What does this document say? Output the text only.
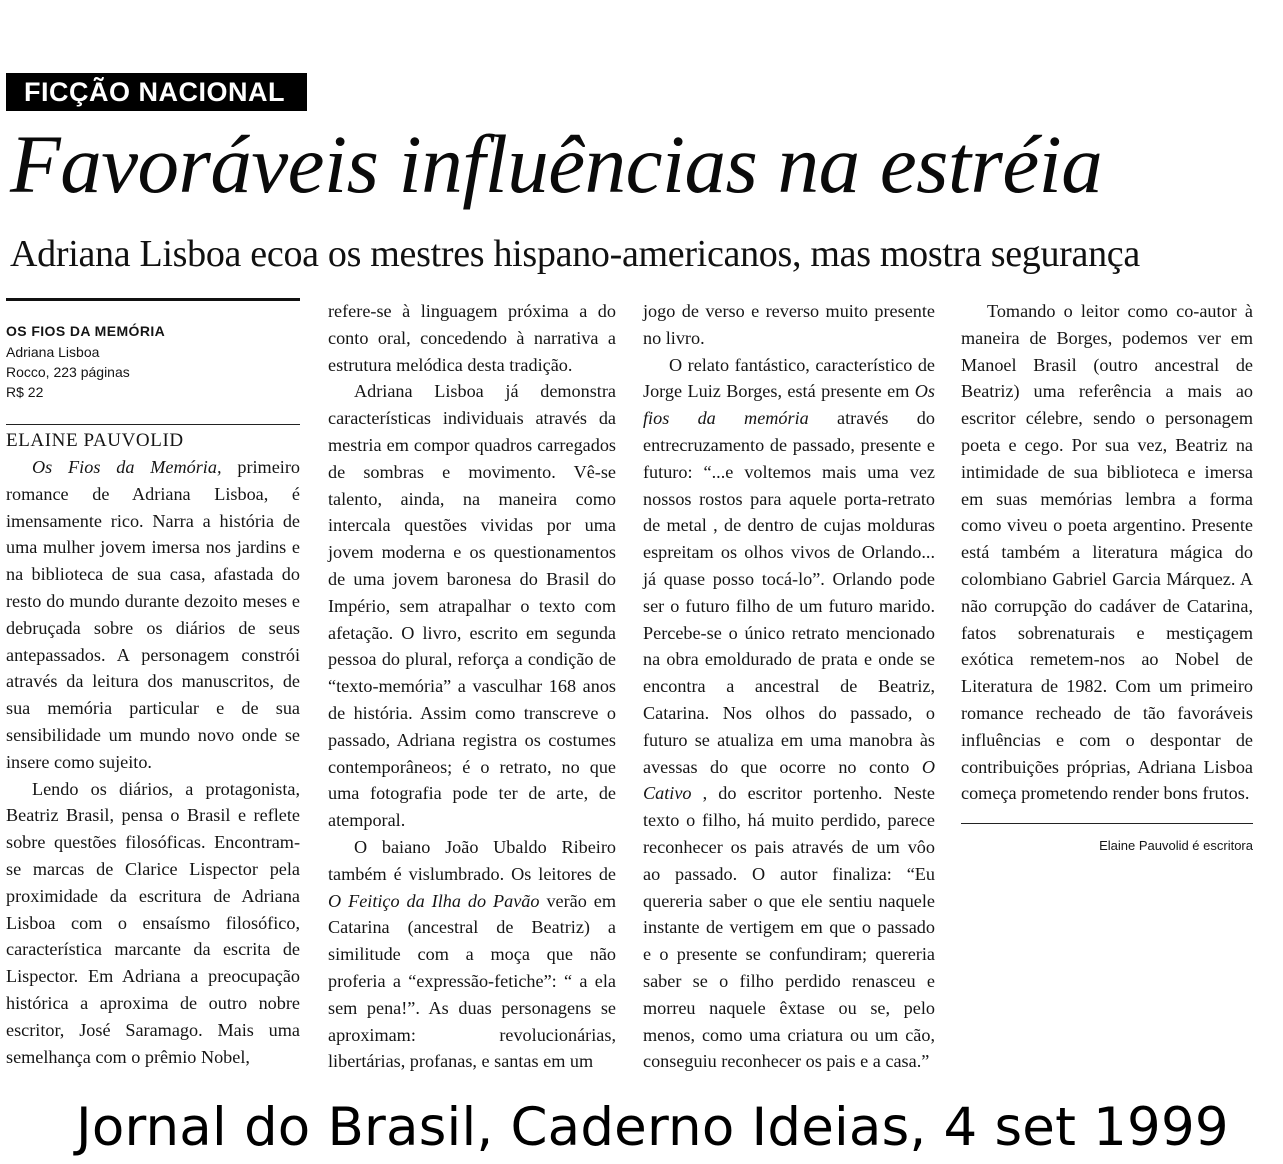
FICÇÃO NACIONAL
Favoráveis influências na estréia
Adriana Lisboa ecoa os mestres hispano-americanos, mas mostra segurança
OS FIOS DA MEMÓRIA
Adriana Lisboa
Rocco, 223 páginas
R$ 22

ELAINE PAUVOLID

Os Fios da Memória, primeiro romance de Adriana Lisboa, é imensamente rico. Narra a história de uma mulher jovem imersa nos jardins e na biblioteca de sua casa, afastada do resto do mundo durante dezoito meses e debruçada sobre os diários de seus antepassados. A personagem constrói através da leitura dos manuscritos, de sua memória particular e de sua sensibilidade um mundo novo onde se insere como sujeito.

Lendo os diários, a protagonista, Beatriz Brasil, pensa o Brasil e reflete sobre questões filosóficas. Encontram-se marcas de Clarice Lispector pela proximidade da escritura de Adriana Lisboa com o ensaísmo filosófico, característica marcante da escrita de Lispector. Em Adriana a preocupação histórica a aproxima de outro nobre escritor, José Saramago. Mais uma semelhança com o prêmio Nobel,

refere-se à linguagem próxima a do conto oral, concedendo à narrativa a estrutura melódica desta tradição.

Adriana Lisboa já demonstra características individuais através da mestria em compor quadros carregados de sombras e movimento. Vê-se talento, ainda, na maneira como intercala questões vividas por uma jovem moderna e os questionamentos de uma jovem baronesa do Brasil do Império, sem atrapalhar o texto com afetação. O livro, escrito em segunda pessoa do plural, reforça a condição de “texto-memória” a vasculhar 168 anos de história. Assim como transcreve o passado, Adriana registra os costumes contemporâneos; é o retrato, no que uma fotografia pode ter de arte, de atemporal.

O baiano João Ubaldo Ribeiro também é vislumbrado. Os leitores de O Feitiço da Ilha do Pavão verão em Catarina (ancestral de Beatriz) a similitude com a moça que não proferia a “expressão-fetiche”: “ a ela sem pena!”. As duas personagens se aproximam: revolucionárias, libertárias, profanas, e santas em um

jogo de verso e reverso muito presente no livro.

O relato fantástico, característico de Jorge Luiz Borges, está presente em Os fios da memória através do entrecruzamento de passado, presente e futuro: “...e voltemos mais uma vez nossos rostos para aquele porta-retrato de metal , de dentro de cujas molduras espreitam os olhos vivos de Orlando... já quase posso tocá-lo”. Orlando pode ser o futuro filho de um futuro marido. Percebe-se o único retrato mencionado na obra emoldurado de prata e onde se encontra a ancestral de Beatriz, Catarina. Nos olhos do passado, o futuro se atualiza em uma manobra às avessas do que ocorre no conto O Cativo , do escritor portenho. Neste texto o filho, há muito perdido, parece reconhecer os pais através de um vôo ao passado. O autor finaliza: “Eu quereria saber o que ele sentiu naquele instante de vertigem em que o passado e o presente se confundiram; quereria saber se o filho perdido renasceu e morreu naquele êxtase ou se, pelo menos, como uma criatura ou um cão, conseguiu reconhecer os pais e a casa.”

Tomando o leitor como co-autor à maneira de Borges, podemos ver em Manoel Brasil (outro ancestral de Beatriz) uma referência a mais ao escritor célebre, sendo o personagem poeta e cego. Por sua vez, Beatriz na intimidade de sua biblioteca e imersa em suas memórias lembra a forma como viveu o poeta argentino. Presente está também a literatura mágica do colombiano Gabriel Garcia Márquez. A não corrupção do cadáver de Catarina, fatos sobrenaturais e mestiçagem exótica remetem-nos ao Nobel de Literatura de 1982. Com um primeiro romance recheado de tão favoráveis influências e com o despontar de contribuições próprias, Adriana Lisboa começa prometendo render bons frutos.

Elaine Pauvolid é escritora
Jornal do Brasil, Caderno Ideias, 4 set 1999
